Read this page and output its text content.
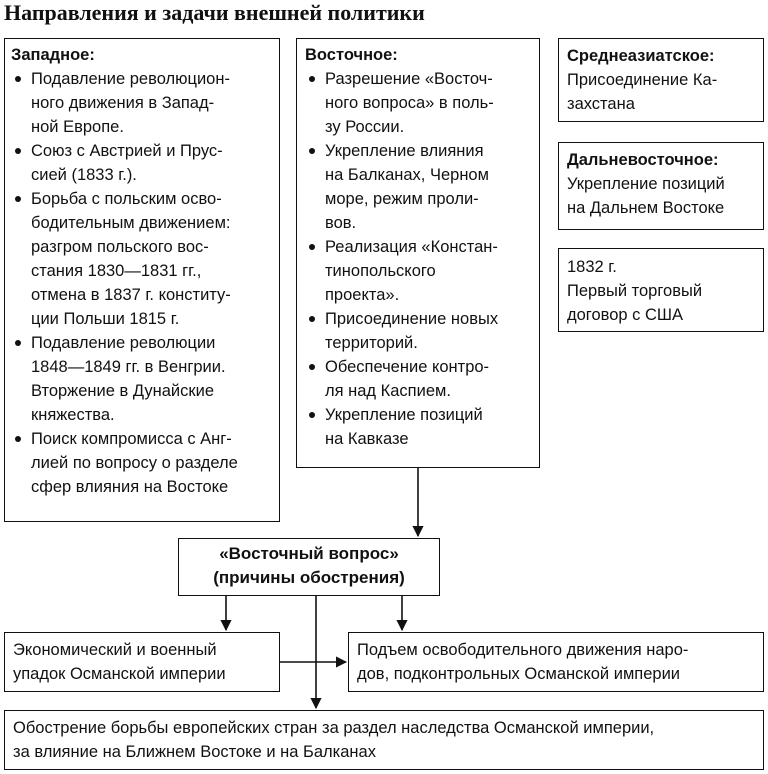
Направления и задачи внешней политики
Западное:
Подавление революцион-
ного движения в Запад-
ной Европе.
Союз с Австрией и Прус-
сией (1833 г.).
Борьба с польским осво-
бодительным движением:
разгром польского вос-
стания 1830—1831 гг.,
отмена в 1837 г. конститу-
ции Польши 1815 г.
Подавление революции
1848—1849 гг. в Венгрии.
Вторжение в Дунайские
княжества.
Поиск компромисса с Анг-
лией по вопросу о разделе
сфер влияния на Востоке
Восточное:
Разрешение «Восточ-
ного вопроса» в поль-
зу России.
Укрепление влияния
на Балканах, Черном
море, режим проли-
вов.
Реализация «Констан-
тинопольского
проекта».
Присоединение новых
территорий.
Обеспечение контро-
ля над Каспием.
Укрепление позиций
на Кавказе
Среднеазиатское:
Присоединение Ка-
захстана
Дальневосточное:
Укрепление позиций
на Дальнем Востоке
1832 г.
Первый торговый
договор с США
«Восточный вопрос»
(причины обострения)
Экономический и военный
упадок Османской империи
Подъем освободительного движения наро-
дов, подконтрольных Османской империи
Обострение борьбы европейских стран за раздел наследства Османской империи,
за влияние на Ближнем Востоке и на Балканах
